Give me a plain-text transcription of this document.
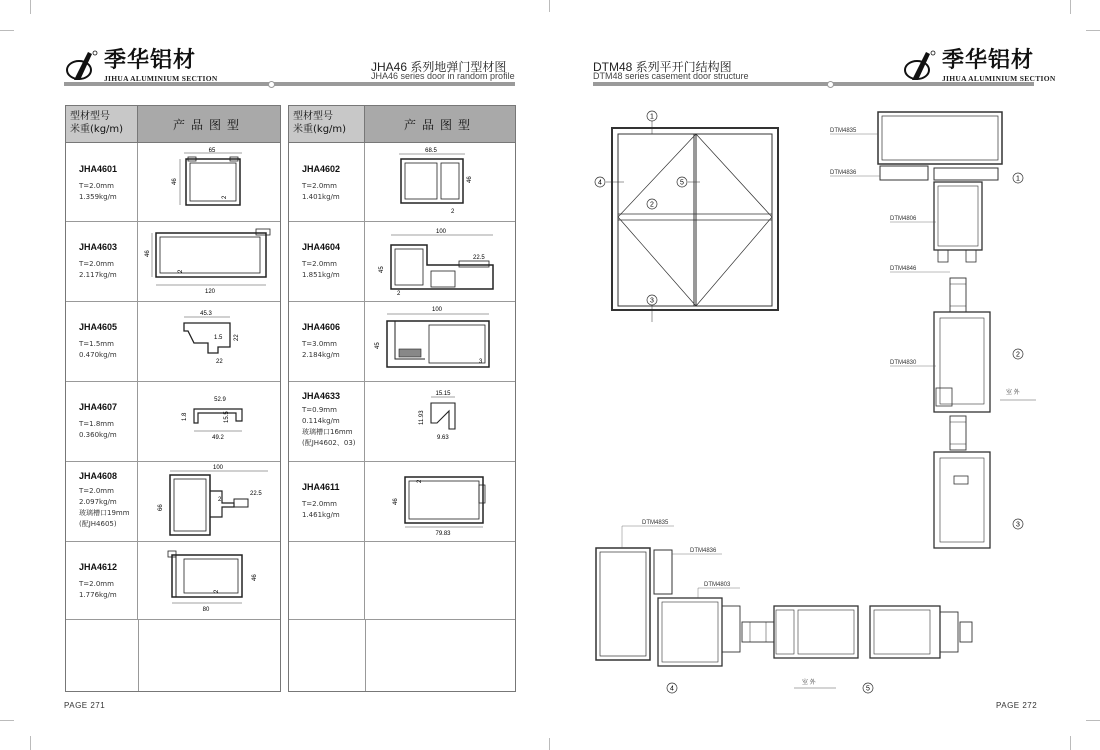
季华铝材
JIHUA ALUMINIUM SECTION
JHA46 系列地弹门型材图
JHA46 series door in random profile
型材型号
米重(kg/m)	产品图型
JHA4601
T=2.0mm
1.359kg/m
65
46
2
JHA4603
T=2.0mm
2.117kg/m
46
2
120
JHA4605
T=1.5mm
0.470kg/m
45.3
1.5 22
22
JHA4607
T=1.8mm
0.360kg/m
52.9
1.8	15.5
49.2
JHA4608
T=2.0mm
2.097kg/m
玻璃槽口19mm
(配JH4605)
100
66
22.5
2
JHA4612
T=2.0mm
1.776kg/m
46
2
80
型材型号
米重(kg/m)	产品图型
JHA4602
T=2.0mm
1.401kg/m
68.5
46
2
JHA4604
T=2.0mm
1.851kg/m
100
45
22.5
2
JHA4606
T=3.0mm
2.184kg/m
100
45
3
JHA4633
T=0.9mm
0.114kg/m
玻璃槽口16mm
(配JH4602、03)
15.15
11.93
9.63
JHA4611
T=2.0mm
1.461kg/m
46
2
79.83
PAGE 271
DTM48 系列平开门结构图
DTM48 series casement door structure
季华铝材
JIHUA ALUMINIUM SECTION
1
2
3
4	5
DTM4835
DTM4836
DTM4806
DTM4846
DTM4830
室 外
1
2
3
DTM4835
DTM4836
DTM4803
室 外
4	5
PAGE 272
